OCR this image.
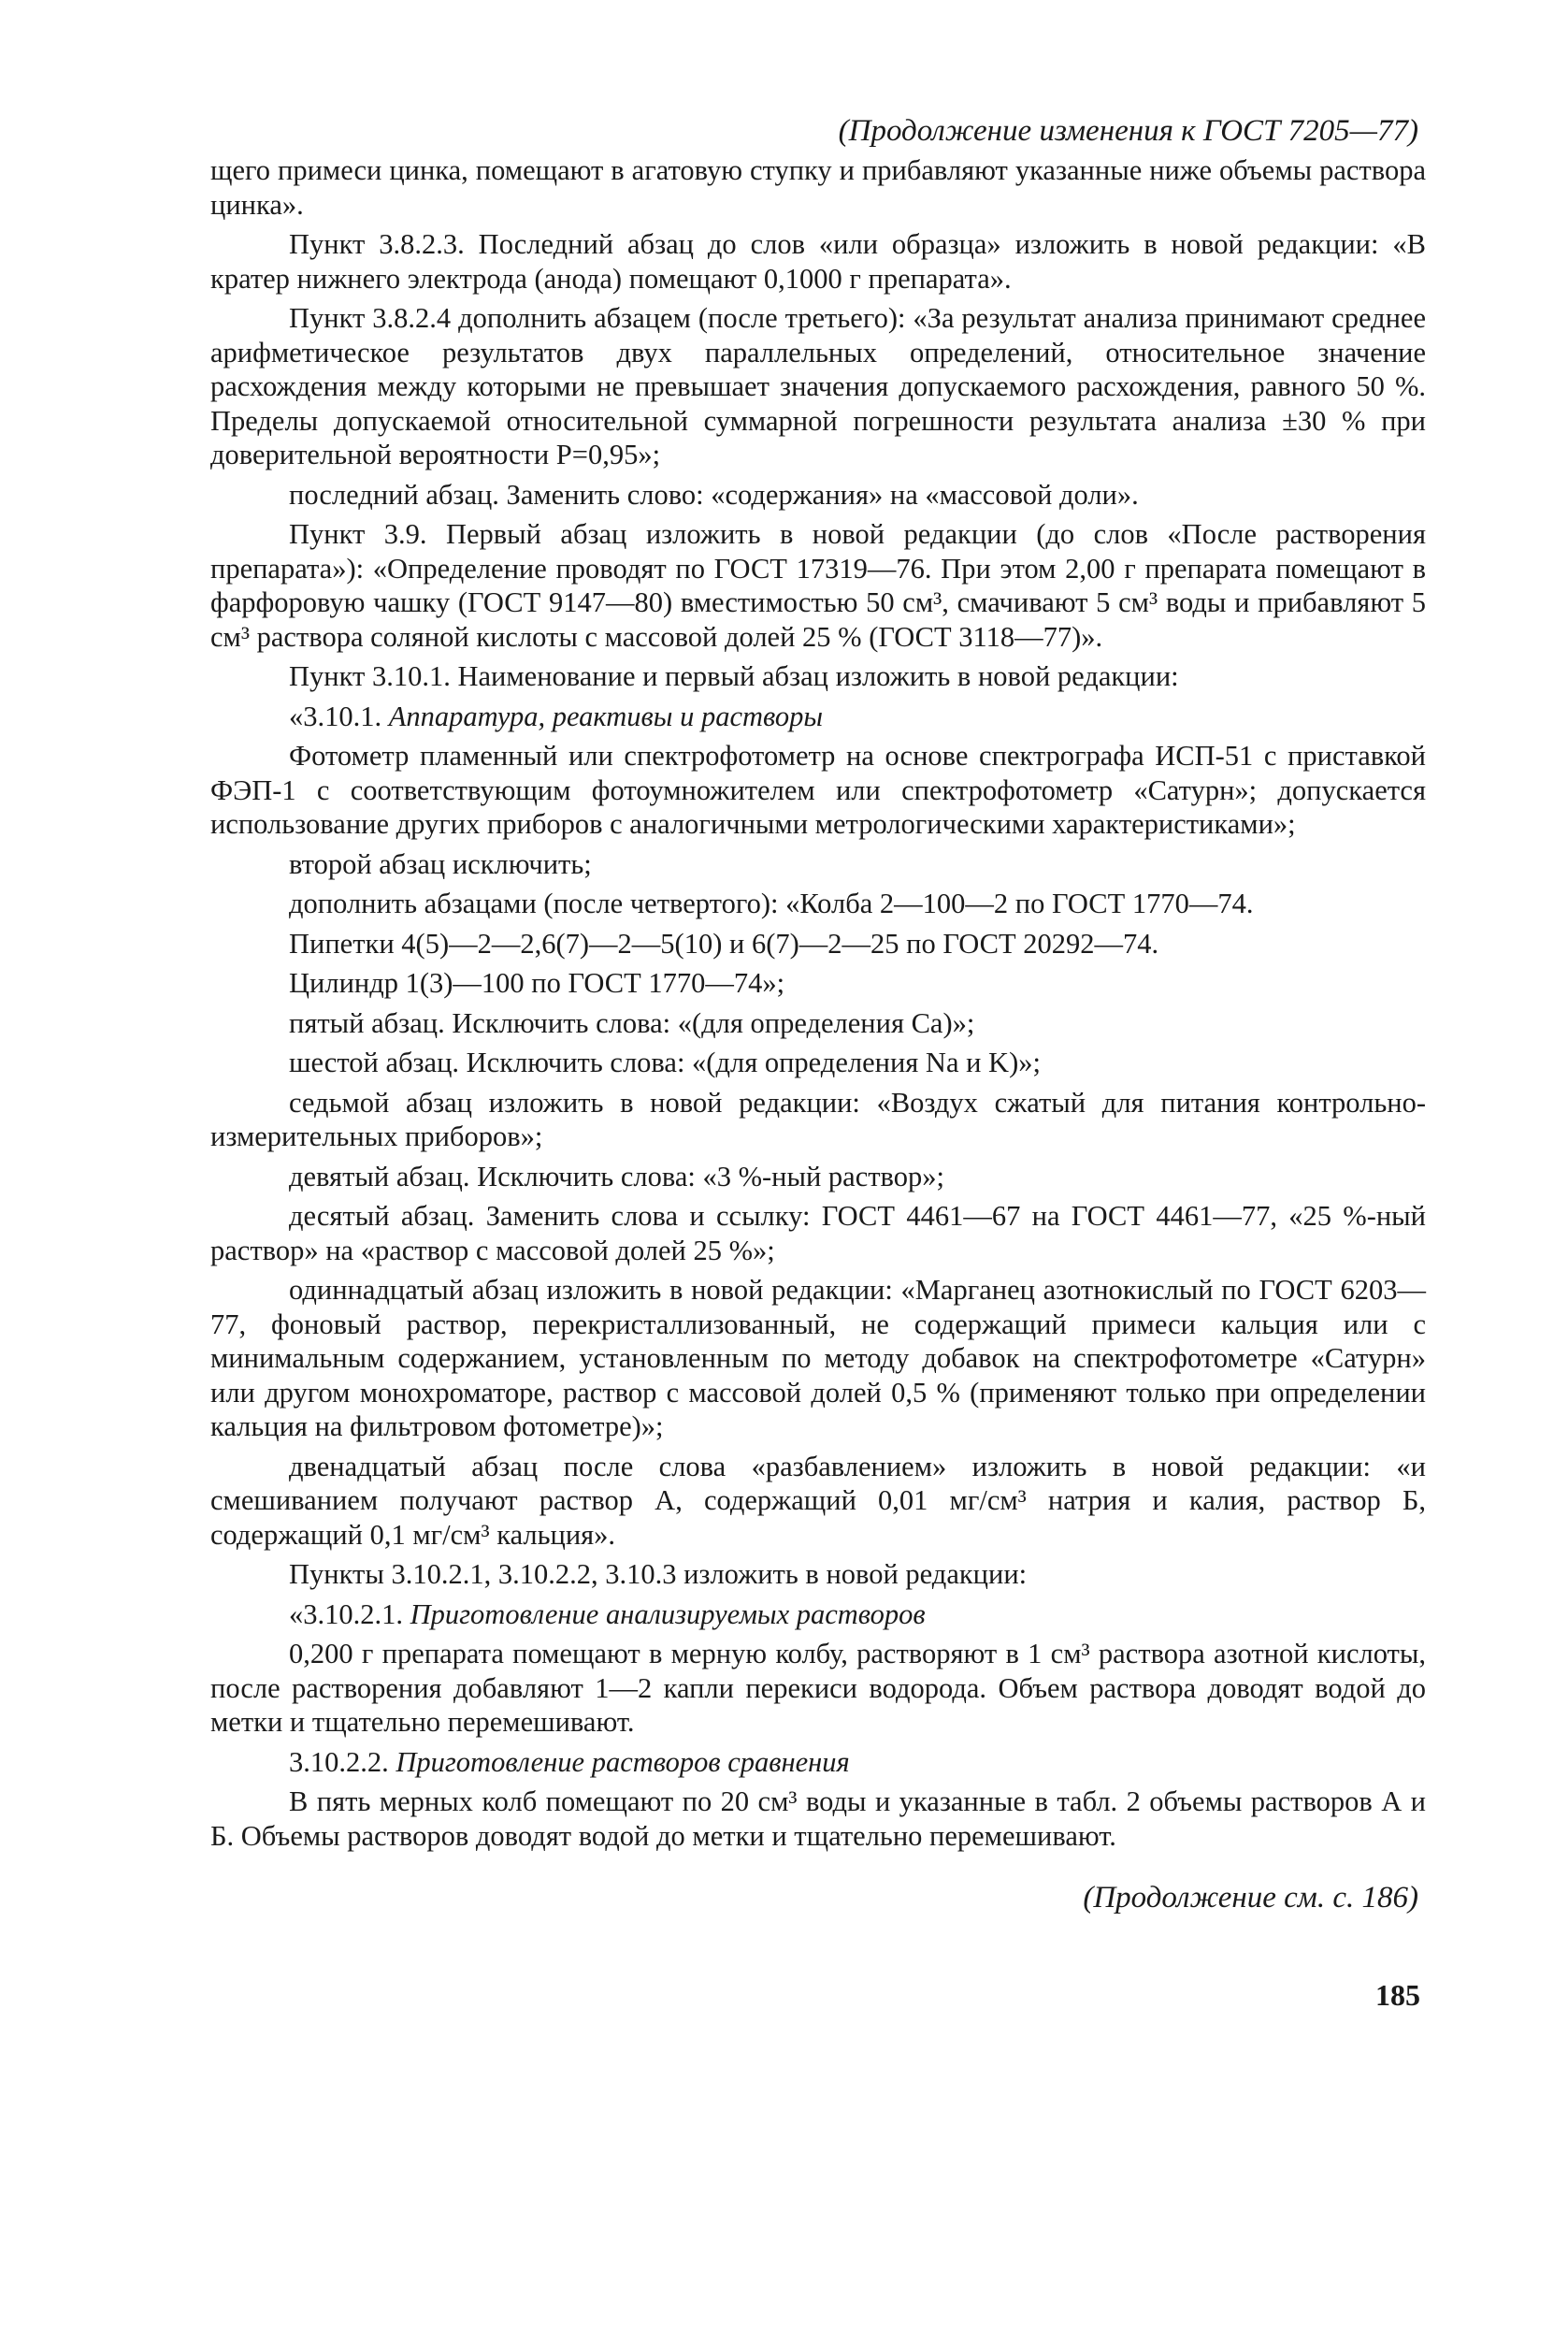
(Продолжение изменения к ГОСТ 7205—77)

щего примеси цинка, помещают в агатовую ступку и прибавляют указанные ниже объемы раствора цинка».

Пункт 3.8.2.3. Последний абзац до слов «или образца» изложить в новой редакции: «В кратер нижнего электрода (анода) помещают 0,1000 г препарата».

Пункт 3.8.2.4 дополнить абзацем (после третьего): «За результат анализа принимают среднее арифметическое результатов двух параллельных определений, относительное значение расхождения между которыми не превышает значения допускаемого расхождения, равного 50 %. Пределы допускаемой относительной суммарной погрешности результата анализа ±30 % при доверительной вероятности P=0,95»;

последний абзац. Заменить слово: «содержания» на «массовой доли».

Пункт 3.9. Первый абзац изложить в новой редакции (до слов «После растворения препарата»): «Определение проводят по ГОСТ 17319—76. При этом 2,00 г препарата помещают в фарфоровую чашку (ГОСТ 9147—80) вместимостью 50 см³, смачивают 5 см³ воды и прибавляют 5 см³ раствора соляной кислоты с массовой долей 25 % (ГОСТ 3118—77)».

Пункт 3.10.1. Наименование и первый абзац изложить в новой редакции:

«3.10.1. Аппаратура, реактивы и растворы

Фотометр пламенный или спектрофотометр на основе спектрографа ИСП-51 с приставкой ФЭП-1 с соответствующим фотоумножителем или спектрофотометр «Сатурн»; допускается использование других приборов с аналогичными метрологическими характеристиками»;

второй абзац исключить;

дополнить абзацами (после четвертого): «Колба 2—100—2 по ГОСТ 1770—74.

Пипетки 4(5)—2—2,6(7)—2—5(10) и 6(7)—2—25 по ГОСТ 20292—74.

Цилиндр 1(3)—100 по ГОСТ 1770—74»;

пятый абзац. Исключить слова: «(для определения Ca)»;

шестой абзац. Исключить слова: «(для определения Na и K)»;

седьмой абзац изложить в новой редакции: «Воздух сжатый для питания контрольно-измерительных приборов»;

девятый абзац. Исключить слова: «3 %-ный раствор»;

десятый абзац. Заменить слова и ссылку: ГОСТ 4461—67 на ГОСТ 4461—77, «25 %-ный раствор» на «раствор с массовой долей 25 %»;

одиннадцатый абзац изложить в новой редакции: «Марганец азотнокислый по ГОСТ 6203—77, фоновый раствор, перекристаллизованный, не содержащий примеси кальция или с минимальным содержанием, установленным по методу добавок на спектрофотометре «Сатурн» или другом монохроматоре, раствор с массовой долей 0,5 % (применяют только при определении кальция на фильтровом фотометре)»;

двенадцатый абзац после слова «разбавлением» изложить в новой редакции: «и смешиванием получают раствор А, содержащий 0,01 мг/см³ натрия и калия, раствор Б, содержащий 0,1 мг/см³ кальция».

Пункты 3.10.2.1, 3.10.2.2, 3.10.3 изложить в новой редакции:

«3.10.2.1. Приготовление анализируемых растворов

0,200 г препарата помещают в мерную колбу, растворяют в 1 см³ раствора азотной кислоты, после растворения добавляют 1—2 капли перекиси водорода. Объем раствора доводят водой до метки и тщательно перемешивают.

3.10.2.2. Приготовление растворов сравнения

В пять мерных колб помещают по 20 см³ воды и указанные в табл. 2 объемы растворов А и Б. Объемы растворов доводят водой до метки и тщательно перемешивают.

(Продолжение см. с. 186)
185
